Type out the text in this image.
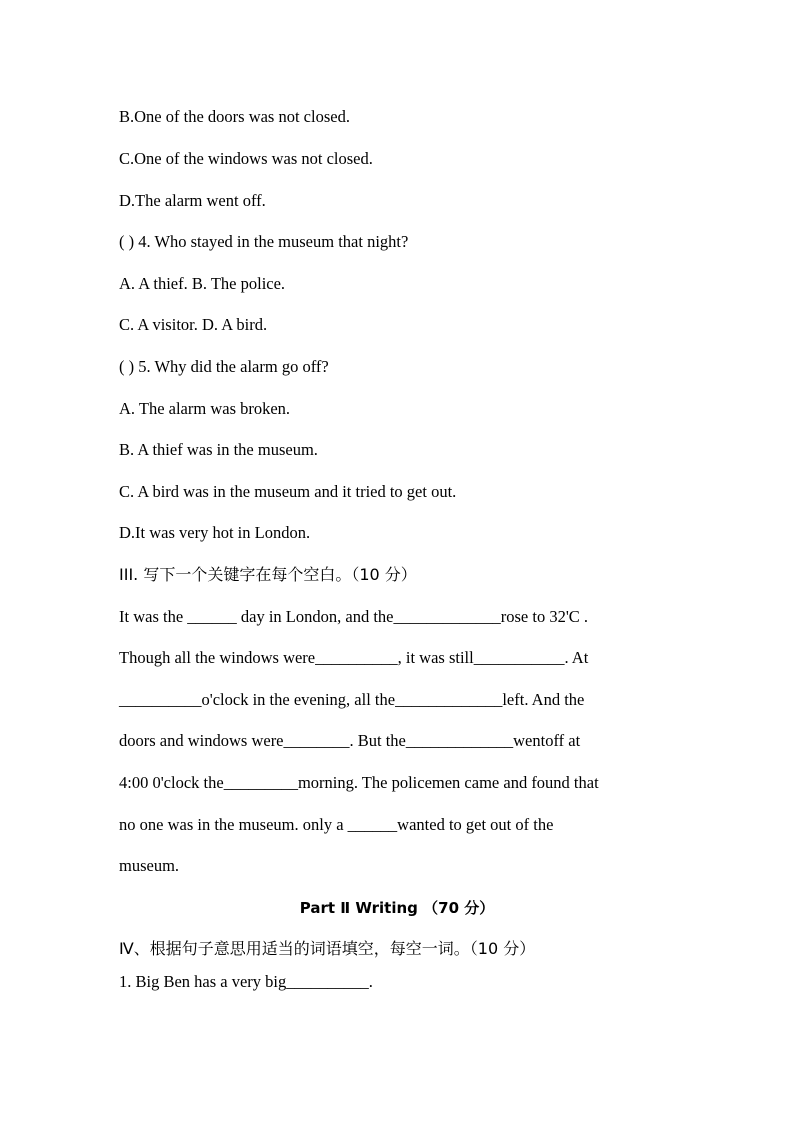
B.One of the doors was not closed.
C.One of the windows was not closed.
D.The alarm went off.
( ) 4. Who stayed in the museum that night?
A. A thief. B. The police.
C. A visitor. D. A bird.
( ) 5. Why did the alarm go off?
A. The alarm was broken.
B. A thief was in the museum.
C. A bird was in the museum and it tried to get out.
D.It was very hot in London.
III. 写下一个关键字在每个空白。（10 分）
It was the ______ day in London, and the_____________rose to 32'C .
Though all the windows were__________, it was still___________. At
__________o'clock in the evening, all the_____________left. And the
doors and windows were________. But the_____________wentoff at
4:00 0'clock the_________morning. The policemen came and found that
no one was in the museum. only a ______wanted to get out of the
museum.
Part Ⅱ Writing （70 分）
Ⅳ、根据句子意思用适当的词语填空，每空一词。（10 分）
1. Big Ben has a very big__________.
